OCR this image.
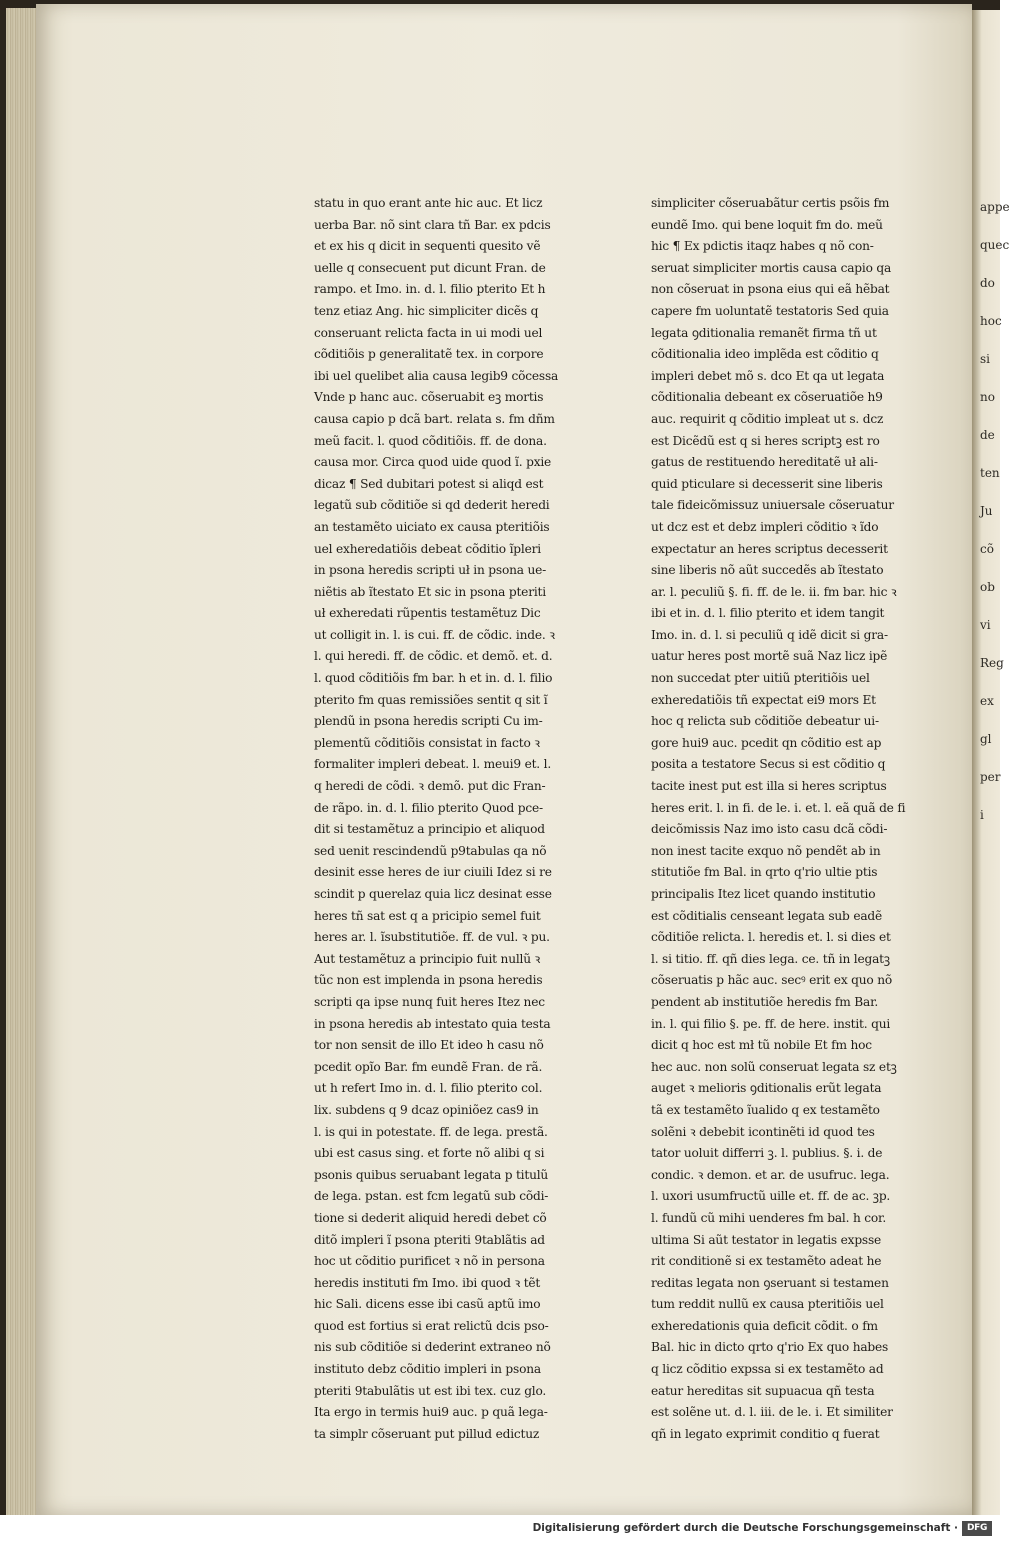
statu in quo erant ante hic auc. Et licz
uerba Bar. nõ sint clara tñ Bar. ex pdcis
et ex his q dicit in sequenti quesito vẽ
uelle q consecuent put dicunt Fran. de
rampo. et Imo. in. d. l. filio pterito Et h
tenz etiaz Ang. hic simpliciter dicẽs q
conseruant relicta facta in ui modi uel
cõditiõis p generalitatẽ tex. in corpore
ibi uel quelibet alia causa legib9 cõcessa
Vnde p hanc auc. cõseruabit eꝫ mortis
causa capio p dcã bart. relata s. fm dñm
meũ facit. l. quod cõditiõis. ff. de dona.
causa mor. Circa quod uide quod ĩ. pxie
dicaz ¶ Sed dubitari potest si aliqd est
legatũ sub cõditiõe si qd dederit heredi
an testamẽto uiciato ex causa pteritiõis
uel exheredatiõis debeat cõditio ĩpleri
in psona heredis scripti uł in psona ue-
niẽtis ab ĩtestato Et sic in psona pteriti
uł exheredati rũpentis testamẽtuz Dic
ut colligit in. l. is cui. ff. de cõdic. inde. ꝛ
l. qui heredi. ff. de cõdic. et demõ. et. d.
l. quod cõditiõis fm bar. h et in. d. l. filio
pterito fm quas remissiões sentit q sit ĩ
plendũ in psona heredis scripti Cu im-
plementũ cõditiõis consistat in facto ꝛ
formaliter impleri debeat. l. meui9 et. l.
q heredi de cõdi. ꝛ demõ. put dic Fran-
de rãpo. in. d. l. filio pterito Quod pce-
dit si testamẽtuz a principio et aliquod
sed uenit rescindendũ p9tabulas qa nõ
desinit esse heres de iur ciuili Idez si re
scindit p querelaz quia licz desinat esse
heres tñ sat est q a pricipio semel fuit
heres ar. l. ĩsubstitutiõe. ff. de vul. ꝛ pu.
Aut testamẽtuz a principio fuit nullũ ꝛ
tũc non est implenda in psona heredis
scripti qa ipse nunq fuit heres Itez nec
in psona heredis ab intestato quia testa
tor non sensit de illo Et ideo h casu nõ
pcedit opĩo Bar. fm eundẽ Fran. de rã.
ut h refert Imo in. d. l. filio pterito col.
lix. subdens q 9 dcaz opiniõez cas9 in
l. is qui in potestate. ff. de lega. prestã.
ubi est casus sing. et forte nõ alibi q si
psonis quibus seruabant legata p titulũ
de lega. pstan. est fcm legatũ sub cõdi-
tione si dederit aliquid heredi debet cõ
ditõ impleri ĩ psona pteriti 9tablãtis ad
hoc ut cõditio purificet ꝛ nõ in persona
heredis instituti fm Imo. ibi quod ꝛ tẽt
hic Sali. dicens esse ibi casũ aptũ imo
quod est fortius si erat relictũ dcis pso-
nis sub cõditiõe si dederint extraneo nõ
instituto debz cõditio impleri in psona
pteriti 9tabulãtis ut est ibi tex. cuz glo.
Ita ergo in termis hui9 auc. p quã lega-
ta simplr cõseruant put pillud edictuz
simpliciter cõseruabãtur certis psõis fm
eundẽ Imo. qui bene loquit fm do. meũ
hic ¶ Ex pdictis itaqz habes q nõ con-
seruat simpliciter mortis causa capio qa
non cõseruat in psona eius qui eã hẽbat
capere fm uoluntatẽ testatoris Sed quia
legata ꝯditionalia remanẽt firma tñ ut
cõditionalia ideo implẽda est cõditio q
impleri debet mõ s. dco Et qa ut legata
cõditionalia debeant ex cõseruatiõe h9
auc. requirit q cõditio impleat ut s. dcz
est Dicẽdũ est q si heres scriptꝫ est ro
gatus de restituendo hereditatẽ uł ali-
quid pticulare si decesserit sine liberis
tale fideicõmissuz uniuersale cõseruatur
ut dcz est et debz impleri cõditio ꝛ ĩdo
expectatur an heres scriptus decesserit
sine liberis nõ aũt succedẽs ab ĩtestato
ar. l. peculiũ §. fi. ff. de le. ii. fm bar. hic ꝛ
ibi et in. d. l. filio pterito et idem tangit
Imo. in. d. l. si peculiũ q idẽ dicit si gra-
uatur heres post mortẽ suã Naz licz ipẽ
non succedat pter uitiũ pteritiõis uel
exheredatiõis tñ expectat ei9 mors Et
hoc q relicta sub cõditiõe debeatur ui-
gore hui9 auc. pcedit qn cõditio est ap
posita a testatore Secus si est cõditio q
tacite inest put est illa si heres scriptus
heres erit. l. in fi. de le. i. et. l. eã quã de fi
deicõmissis Naz imo isto casu dcã cõdi-
non inest tacite exquo nõ pendẽt ab in
stitutiõe fm Bal. in qrto q'rio ultie ptis
principalis Itez licet quando institutio
est cõditialis censeant legata sub eadẽ
cõditiõe relicta. l. heredis et. l. si dies et
l. si titio. ff. qñ dies lega. ce. tñ in legatꝫ
cõseruatis p hãc auc. secꝰ erit ex quo nõ
pendent ab institutiõe heredis fm Bar.
in. l. qui filio §. pe. ff. de here. instit. qui
dicit q hoc est mł tũ nobile Et fm hoc
hec auc. non solũ conseruat legata sz etꝫ
auget ꝛ melioris ꝯditionalis erũt legata
tã ex testamẽto ĩualido q ex testamẽto
solẽni ꝛ debebit icontinẽti id quod tes
tator uoluit differri ꝫ. l. publius. §. i. de
condic. ꝛ demon. et ar. de usufruc. lega.
l. uxori usumfructũ uille et. ff. de ac. ꝫp.
l. fundũ cũ mihi uenderes fm bal. h cor.
ultima Si aũt testator in legatis expsse
rit conditionẽ si ex testamẽto adeat he
reditas legata non ꝯseruant si testamen
tum reddit nullũ ex causa pteritiõis uel
exheredationis quia deficit cõdit. o fm
Bal. hic in dicto qrto q'rio Ex quo habes
q licz cõditio expssa si ex testamẽto ad
eatur hereditas sit supuacua qñ testa
est solẽne ut. d. l. iii. de le. i. Et similiter
qñ in legato exprimit conditio q fuerat
appe
quec
do
hoc
si
no
de
ten
Ju
cõ
ob
vi
Reg
ex
gl
per
i
Digitalisierung gefördert durch die Deutsche Forschungsgemeinschaft · DFG
